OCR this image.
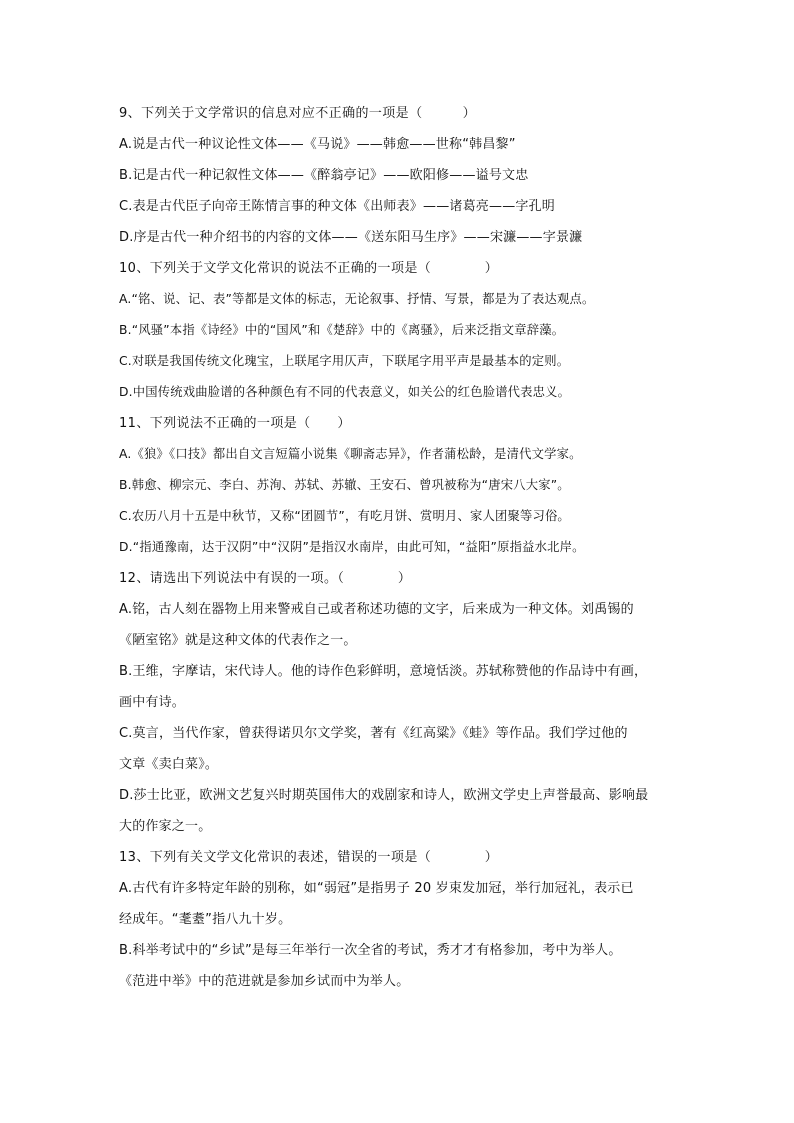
9、下列关于文学常识的信息对应不正确的一项是（　　　）
A.说是古代一种议论性文体——《马说》——韩愈——世称“韩昌黎”
B.记是古代一种记叙性文体——《醉翁亭记》——欧阳修——谥号文忠
C.表是古代臣子向帝王陈情言事的种文体《出师表》——诸葛亮——字孔明
D.序是古代一种介绍书的内容的文体——《送东阳马生序》——宋濂——字景濂
10、下列关于文学文化常识的说法不正确的一项是（　　　　）
A.“铭、说、记、表”等都是文体的标志，无论叙事、抒情、写景，都是为了表达观点。
B.“风骚”本指《诗经》中的“国风”和《楚辞》中的《离骚》，后来泛指文章辞藻。
C.对联是我国传统文化瑰宝，上联尾字用仄声，下联尾字用平声是最基本的定则。
D.中国传统戏曲脸谱的各种颜色有不同的代表意义，如关公的红色脸谱代表忠义。
11、下列说法不正确的一项是（　　）
A.《狼》《口技》都出自文言短篇小说集《聊斋志异》，作者蒲松龄，是清代文学家。
B.韩愈、柳宗元、李白、苏洵、苏轼、苏辙、王安石、曾巩被称为“唐宋八大家”。
C.农历八月十五是中秋节，又称“团圆节”，有吃月饼、赏明月、家人团聚等习俗。
D.“指通豫南，达于汉阴”中“汉阴”是指汉水南岸，由此可知，“益阳”原指益水北岸。
12、请选出下列说法中有误的一项。（　　　　）
A.铭，古人刻在器物上用来警戒自己或者称述功德的文字，后来成为一种文体。刘禹锡的
《陋室铭》就是这种文体的代表作之一。
B.王维，字摩诘，宋代诗人。他的诗作色彩鲜明，意境恬淡。苏轼称赞他的作品诗中有画，
画中有诗。
C.莫言，当代作家，曾获得诺贝尔文学奖，著有《红高粱》《蛙》等作品。我们学过他的
文章《卖白菜》。
D.莎士比亚，欧洲文艺复兴时期英国伟大的戏剧家和诗人，欧洲文学史上声誉最高、影响最
大的作家之一。
13、下列有关文学文化常识的表述，错误的一项是（　　　　）
A.古代有许多特定年龄的别称，如“弱冠”是指男子 20 岁束发加冠，举行加冠礼，表示已
经成年。“耄耋”指八九十岁。
B.科举考试中的“乡试”是每三年举行一次全省的考试，秀才才有格参加，考中为举人。
《范进中举》中的范进就是参加乡试而中为举人。
